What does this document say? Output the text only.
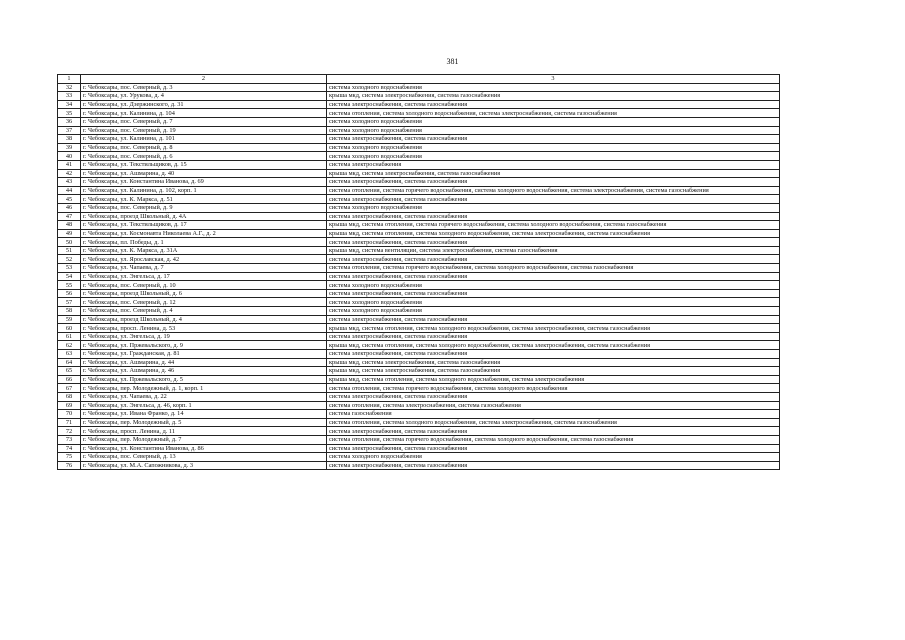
381
1	2	3
32	г. Чебоксары, пос. Северный, д. 3	система холодного водоснабжения
33	г. Чебоксары, ул. Урукова, д. 4	крыша мкд, система электроснабжения, система газоснабжения
34	г. Чебоксары, ул. Дзержинского, д. 31	система электроснабжения, система газоснабжения
35	г. Чебоксары, ул. Калинина, д. 104	система отопления, система холодного водоснабжения, система электроснабжения, система газоснабжения
36	г. Чебоксары, пос. Северный, д. 7	система холодного водоснабжения
37	г. Чебоксары, пос. Северный, д. 19	система холодного водоснабжения
38	г. Чебоксары, ул. Калинина, д. 101	система электроснабжения, система газоснабжения
39	г. Чебоксары, пос. Северный, д. 8	система холодного водоснабжения
40	г. Чебоксары, пос. Северный, д. 6	система холодного водоснабжения
41	г. Чебоксары, ул. Текстильщиков, д. 15	система электроснабжения
42	г. Чебоксары, ул. Ашмарина, д. 40	крыша мкд, система электроснабжения, система газоснабжения
43	г. Чебоксары, ул. Константина Иванова, д. 69	система электроснабжения, система газоснабжения
44	г. Чебоксары, ул. Калинина, д. 102, корп. 1	система отопления, система горячего водоснабжения, система холодного водоснабжения, система электроснабжения, система газоснабжения
45	г. Чебоксары, ул. К. Маркса, д. 51	система электроснабжения, система газоснабжения
46	г. Чебоксары, пос. Северный, д. 9	система холодного водоснабжения
47	г. Чебоксары, проезд Школьный, д. 4А	система электроснабжения, система газоснабжения
48	г. Чебоксары, ул. Текстильщиков, д. 17	крыша мкд, система отопления, система горячего водоснабжения, система холодного водоснабжения, система газоснабжения
49	г. Чебоксары, ул. Космонавта Николаева А.Г., д. 2	крыша мкд, система отопления, система холодного водоснабжения, система электроснабжения, система газоснабжения
50	г. Чебоксары, пл. Победы, д. 1	система электроснабжения, система газоснабжения
51	г. Чебоксары, ул. К. Маркса, д. 31А	крыша мкд, система вентиляции, система электроснабжения, система газоснабжения
52	г. Чебоксары, ул. Ярославская, д. 42	система электроснабжения, система газоснабжения
53	г. Чебоксары, ул. Чапаева, д. 7	система отопления, система горячего водоснабжения, система холодного водоснабжения, система газоснабжения
54	г. Чебоксары, ул. Энгельса, д. 17	система электроснабжения, система газоснабжения
55	г. Чебоксары, пос. Северный, д. 10	система холодного водоснабжения
56	г. Чебоксары, проезд Школьный, д. 6	система электроснабжения, система газоснабжения
57	г. Чебоксары, пос. Северный, д. 12	система холодного водоснабжения
58	г. Чебоксары, пос. Северный, д. 4	система холодного водоснабжения
59	г. Чебоксары, проезд Школьный, д. 4	система электроснабжения, система газоснабжения
60	г. Чебоксары, просп. Ленина, д. 53	крыша мкд, система отопления, система холодного водоснабжения, система электроснабжения, система газоснабжения
61	г. Чебоксары, ул. Энгельса, д. 19	система электроснабжения, система газоснабжения
62	г. Чебоксары, ул. Пржевальского, д. 9	крыша мкд, система отопления, система холодного водоснабжения, система электроснабжения, система газоснабжения
63	г. Чебоксары, ул. Гражданская, д. 81	система электроснабжения, система газоснабжения
64	г. Чебоксары, ул. Ашмарина, д. 44	крыша мкд, система электроснабжения, система газоснабжения
65	г. Чебоксары, ул. Ашмарина, д. 46	крыша мкд, система электроснабжения, система газоснабжения
66	г. Чебоксары, ул. Пржевальского, д. 5	крыша мкд, система отопления, система холодного водоснабжения, система электроснабжения
67	г. Чебоксары, пер. Молодежный, д. 1, корп. 1	система отопления, система горячего водоснабжения, система холодного водоснабжения
68	г. Чебоксары, ул. Чапаева, д. 22	система электроснабжения, система газоснабжения
69	г. Чебоксары, ул. Энгельса, д. 46, корп. 1	система отопления, система электроснабжения, система газоснабжения
70	г. Чебоксары, ул. Ивана Франко, д. 14	система газоснабжения
71	г. Чебоксары, пер. Молодежный, д. 5	система отопления, система холодного водоснабжения, система электроснабжения, система газоснабжения
72	г. Чебоксары, просп. Ленина, д. 11	система электроснабжения, система газоснабжения
73	г. Чебоксары, пер. Молодежный, д. 7	система отопления, система горячего водоснабжения, система холодного водоснабжения, система газоснабжения
74	г. Чебоксары, ул. Константина Иванова, д. 86	система электроснабжения, система газоснабжения
75	г. Чебоксары, пос. Северный, д. 13	система холодного водоснабжения
76	г. Чебоксары, ул. М.А. Сапожникова, д. 3	система электроснабжения, система газоснабжения
